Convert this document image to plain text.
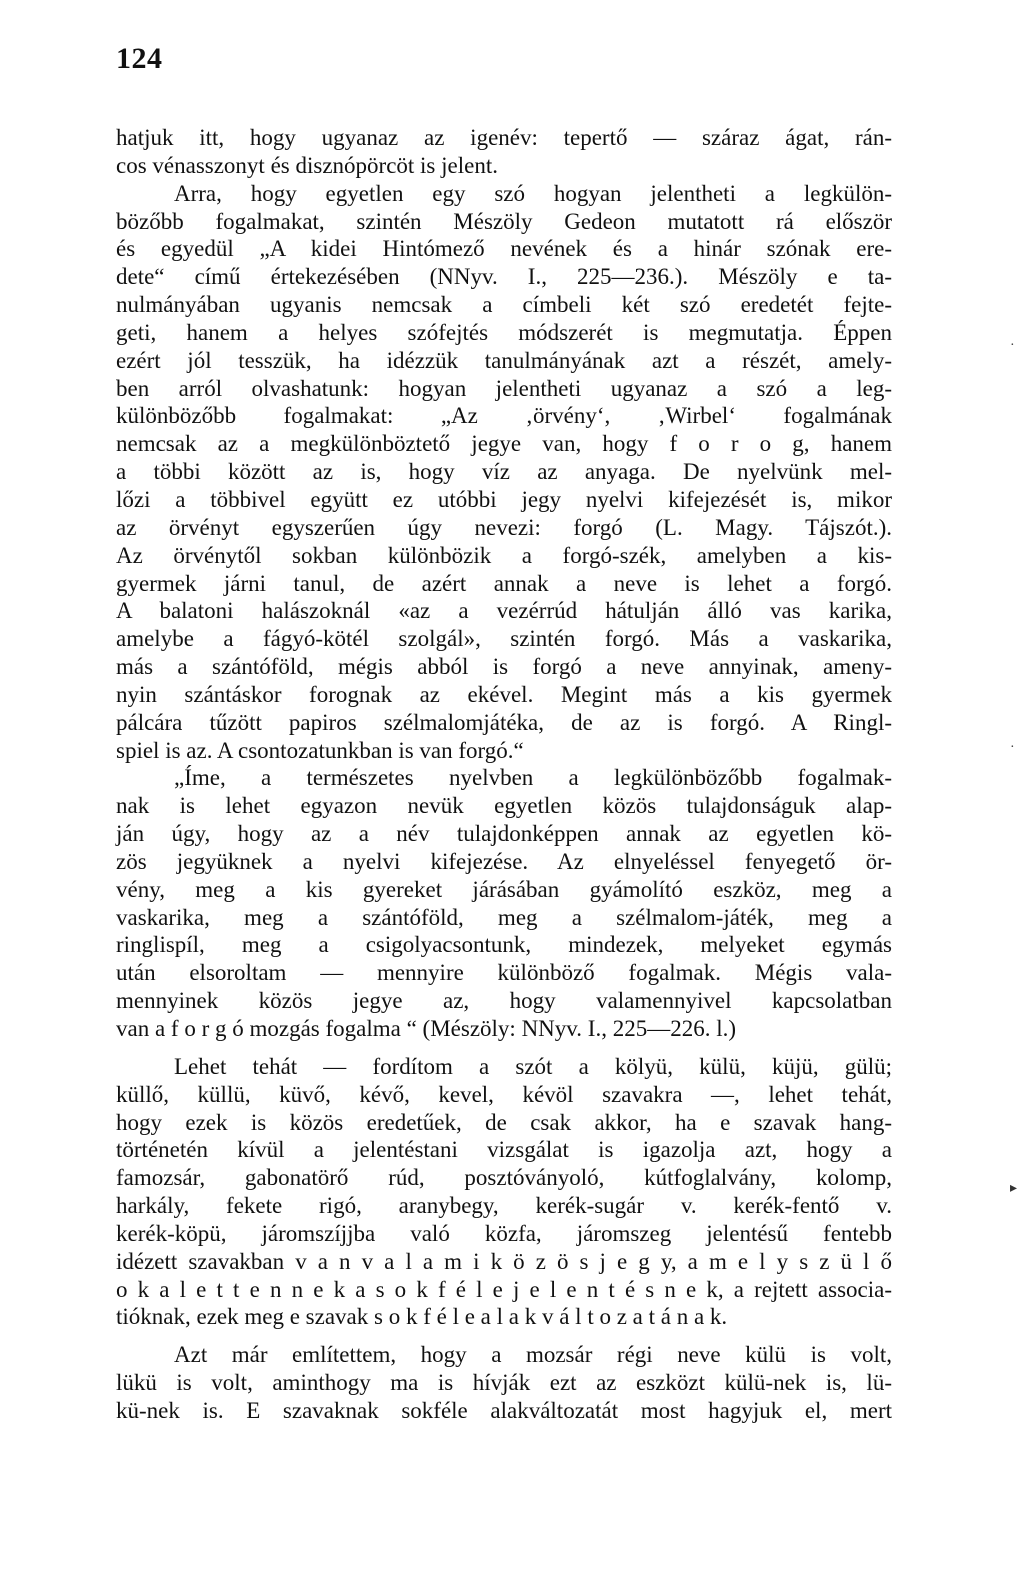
124
hatjuk itt, hogy ugyanaz az igenév: tepertő — száraz ágat, rán-
cos vénasszonyt és disznópörcöt is jelent.
Arra, hogy egyetlen egy szó hogyan jelentheti a legkülön-
bözőbb fogalmakat, szintén Mészöly Gedeon mutatott rá először
és egyedül „A kidei Hintómező nevének és a hinár szónak ere-
dete“ című értekezésében (NNyv. I., 225—236.). Mészöly e ta-
nulmányában ugyanis nemcsak a címbeli két szó eredetét fejte-
geti, hanem a helyes szófejtés módszerét is megmutatja. Éppen
ezért jól tesszük, ha idézzük tanulmányának azt a részét, amely-
ben arról olvashatunk: hogyan jelentheti ugyanaz a szó a leg-
különbözőbb fogalmakat: „Az ‚örvény‘, ‚Wirbel‘ fogalmának
nemcsak az a megkülönböztető jegye van, hogy f o r o g, hanem
a többi között az is, hogy víz az anyaga. De nyelvünk mel-
lőzi a többivel együtt ez utóbbi jegy nyelvi kifejezését is, mikor
az örvényt egyszerűen úgy nevezi: forgó (L. Magy. Tájszót.).
Az örvénytől sokban különbözik a forgó-szék, amelyben a kis-
gyermek járni tanul, de azért annak a neve is lehet a forgó.
A balatoni halászoknál «az a vezérrúd hátulján álló vas karika,
amelybe a fágyó-kötél szolgál», szintén forgó. Más a vaskarika,
más a szántóföld, mégis abból is forgó a neve annyinak, ameny-
nyin szántáskor forognak az ekével. Megint más a kis gyermek
pálcára tűzött papiros szélmalomjátéka, de az is forgó. A Ringl-
spiel is az. A csontozatunkban is van forgó.“
„Íme, a természetes nyelvben a legkülönbözőbb fogalmak-
nak is lehet egyazon nevük egyetlen közös tulajdonságuk alap-
ján úgy, hogy az a név tulajdonképpen annak az egyetlen kö-
zös jegyüknek a nyelvi kifejezése. Az elnyeléssel fenyegető ör-
vény, meg a kis gyereket járásában gyámolító eszköz, meg a
vaskarika, meg a szántóföld, meg a szélmalom-játék, meg a
ringlispíl, meg a csigolyacsontunk, mindezek, melyeket egymás
után elsoroltam — mennyire különböző fogalmak. Mégis vala-
mennyinek közös jegye az, hogy valamennyivel kapcsolatban
van a f o r g ó mozgás fogalma “ (Mészöly: NNyv. I., 225—226. l.)
Lehet tehát — fordítom a szót a kölyü, külü, küjü, gülü;
küllő, küllü, küvő, kévő, kevel, kévöl szavakra —, lehet tehát,
hogy ezek is közös eredetűek, de csak akkor, ha e szavak hang-
történetén kívül a jelentéstani vizsgálat is igazolja azt, hogy a
famozsár, gabonatörő rúd, posztóványoló, kútfoglalvány, kolomp,
harkály, fekete rigó, aranybegy, kerék-sugár v. kerék-fentő v.
kerék-köpü, járomszíjjba való közfa, járomszeg jelentésű fentebb
idézett szavakban v a n v a l a m i k ö z ö s j e g y, a m e l y s z ü l ő
o k a l e t t e n n e k a s o k f é l e j e l e n t é s n e k, a rejtett associa-
tióknak, ezek meg e szavak s o k f é l e a l a k v á l t o z a t á n a k.
Azt már említettem, hogy a mozsár régi neve külü is volt,
lükü is volt, aminthogy ma is hívják ezt az eszközt külü-nek is, lü-
kü-nek is. E szavaknak sokféle alakváltozatát most hagyjuk el, mert
·
·
▸
